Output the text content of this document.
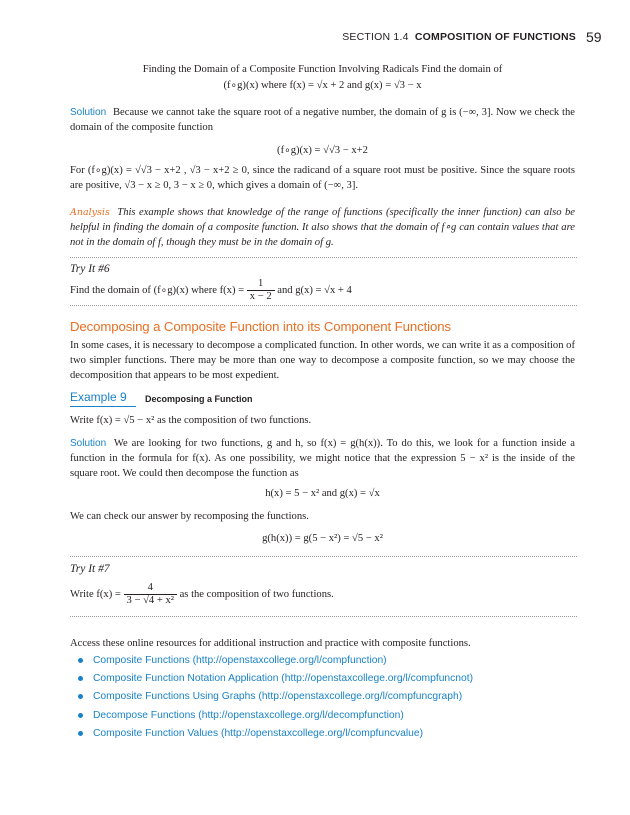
SECTION 1.4 COMPOSITION OF FUNCTIONS 59
Finding the Domain of a Composite Function Involving Radicals Find the domain of
(f∘g)(x) where f(x) = √x + 2 and g(x) = √3 − x
Solution Because we cannot take the square root of a negative number, the domain of g is (−∞, 3]. Now we check the domain of the composite function
(f∘g)(x) = √√3 − x+2
For (f∘g)(x) = √√3 − x+2 , √3 − x+2 ≥ 0, since the radicand of a square root must be positive. Since the square roots are positive, √3 − x ≥ 0, 3 − x ≥ 0, which gives a domain of (−∞, 3].
Analysis This example shows that knowledge of the range of functions (specifically the inner function) can also be helpful in finding the domain of a composite function. It also shows that the domain of f∘g can contain values that are not in the domain of f, though they must be in the domain of g.
Try It #6
Find the domain of (f∘g)(x) where $f(x) = \frac{1}{x - 2}$ and g(x) = √x + 4
Decomposing a Composite Function into its Component Functions
In some cases, it is necessary to decompose a complicated function. In other words, we can write it as a composition of two simpler functions. There may be more than one way to decompose a composite function, so we may choose the decomposition that appears to be most expedient.
Example 9 Decomposing a Function
Write f(x) = √5 − x² as the composition of two functions.
Solution We are looking for two functions, g and h, so f(x) = g(h(x)). To do this, we look for a function inside a function in the formula for f(x). As one possibility, we might notice that the expression 5 − x² is the inside of the square root. We could then decompose the function as
h(x) = 5 − x² and g(x) = √x
We can check our answer by recomposing the functions.
g(h(x)) = g(5 − x²) = √5 − x²
Try It #7
Write $f(x) = \frac{4}{\text{3 − √4 + x²}}$ as the composition of two functions.
Access these online resources for additional instruction and practice with composite functions.
Composite Functions (http://openstaxcollege.org/l/compfunction)
Composite Function Notation Application (http://openstaxcollege.org/l/compfuncnot)
Composite Functions Using Graphs (http://openstaxcollege.org/l/compfuncgraph)
Decompose Functions (http://openstaxcollege.org/l/decompfunction)
Composite Function Values (http://openstaxcollege.org/l/compfuncvalue)
